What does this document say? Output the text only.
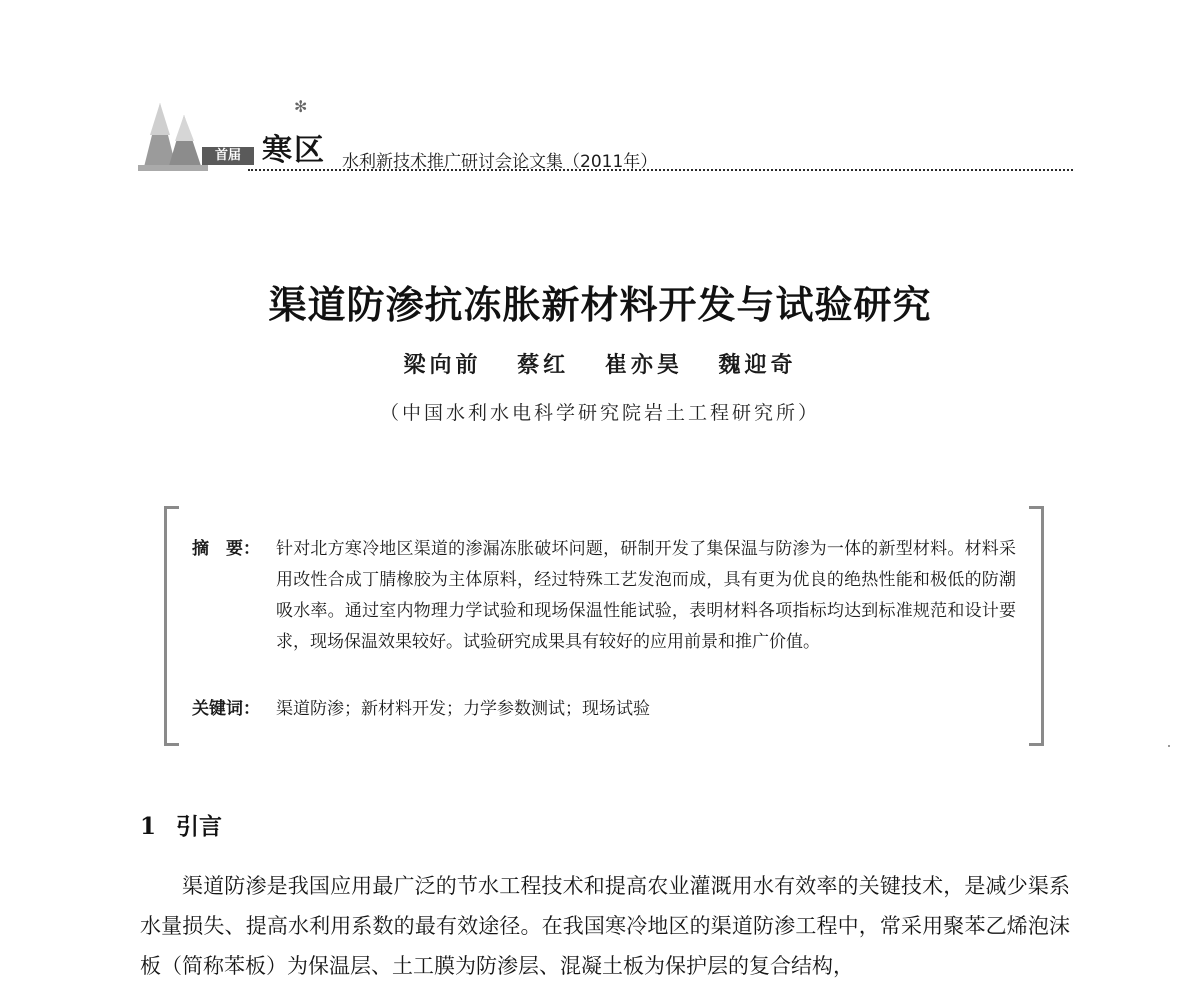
首届
✻
寒区 水利新技术推广研讨会论文集（2011年）
渠道防渗抗冻胀新材料开发与试验研究
梁向前 蔡红 崔亦昊 魏迎奇
（中国水利水电科学研究院岩土工程研究所）
摘　要： 针对北方寒冷地区渠道的渗漏冻胀破坏问题，研制开发了集保温与防渗为一体的新型材料。材料采用改性合成丁腈橡胶为主体原料，经过特殊工艺发泡而成，具有更为优良的绝热性能和极低的防潮吸水率。通过室内物理力学试验和现场保温性能试验，表明材料各项指标均达到标准规范和设计要求，现场保温效果较好。试验研究成果具有较好的应用前景和推广价值。
关键词： 渠道防渗；新材料开发；力学参数测试；现场试验
1 引言
渠道防渗是我国应用最广泛的节水工程技术和提高农业灌溉用水有效率的关键技术，是减少渠系水量损失、提高水利用系数的最有效途径。在我国寒冷地区的渠道防渗工程中，常采用聚苯乙烯泡沫板（简称苯板）为保温层、土工膜为防渗层、混凝土板为保护层的复合结构，
